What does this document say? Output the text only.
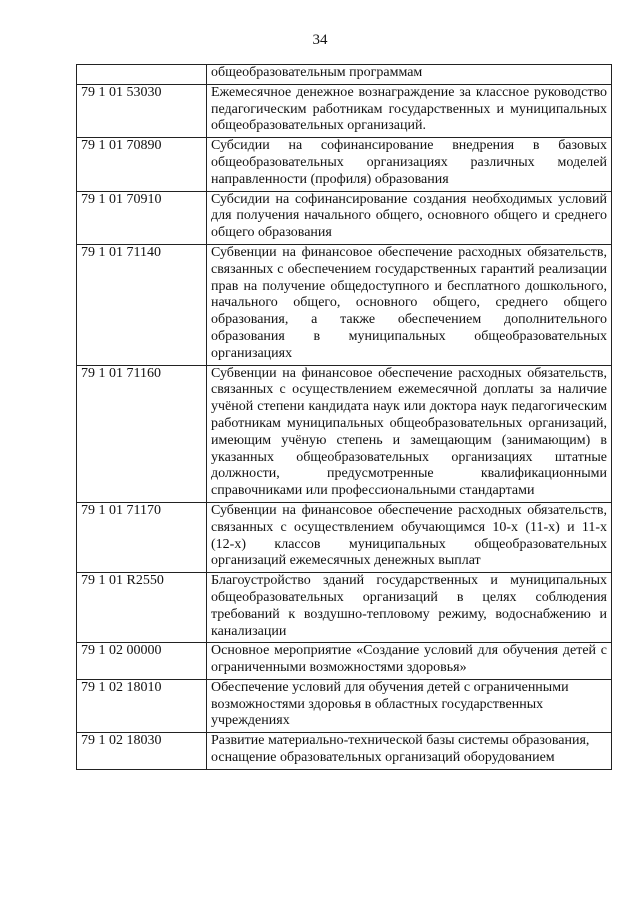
34
	общеобразовательным программам
79 1 01 53030	Ежемесячное денежное вознаграждение за классное руководство педагогическим работникам государственных и муниципальных общеобразовательных организаций.
79 1 01 70890	Субсидии на софинансирование внедрения в базовых общеобразовательных организациях различных моделей направленности (профиля) образования
79 1 01 70910	Субсидии на софинансирование создания необходимых условий для получения начального общего, основного общего и среднего общего образования
79 1 01 71140	Субвенции на финансовое обеспечение расходных обязательств, связанных с обеспечением государственных гарантий реализации прав на получение общедоступного и бесплатного дошкольного, начального общего, основного общего, среднего общего образования, а также обеспечением дополнительного образования в муниципальных общеобразовательных организациях
79 1 01 71160	Субвенции на финансовое обеспечение расходных обязательств, связанных с осуществлением ежемесячной доплаты за наличие учёной степени кандидата наук или доктора наук педагогическим работникам муниципальных общеобразовательных организаций, имеющим учёную степень и замещающим (занимающим) в указанных общеобразовательных организациях штатные должности, предусмотренные квалификационными справочниками или профессиональными стандартами
79 1 01 71170	Субвенции на финансовое обеспечение расходных обязательств, связанных с осуществлением обучающимся 10-х (11-х) и 11-х (12-х) классов муниципальных общеобразовательных организаций ежемесячных денежных выплат
79 1 01 R2550	Благоустройство зданий государственных и муниципальных общеобразовательных организаций в целях соблюдения требований к воздушно-тепловому режиму, водоснабжению и канализации
79 1 02 00000	Основное мероприятие «Создание условий для обучения детей с ограниченными возможностями здоровья»
79 1 02 18010	Обеспечение условий для обучения детей с ограниченными возможностями здоровья в областных государственных учреждениях
79 1 02 18030	Развитие материально-технической базы системы образования, оснащение образовательных организаций оборудованием
